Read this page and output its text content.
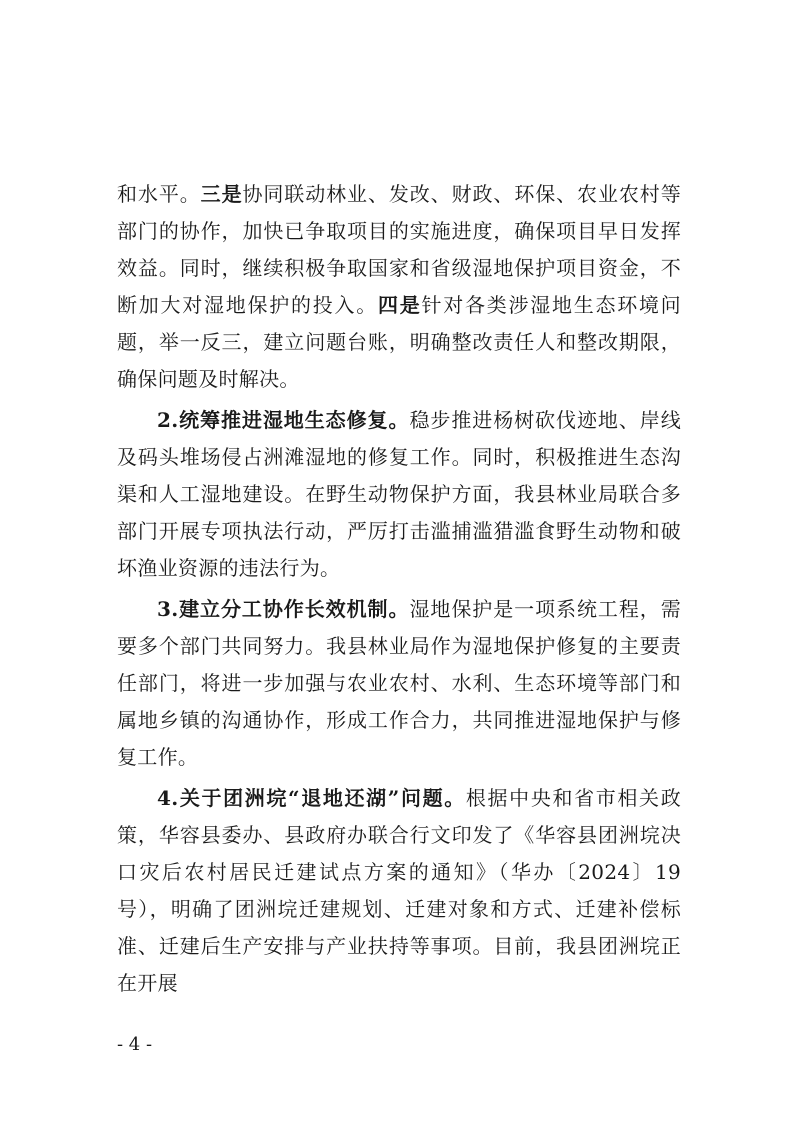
和水平。三是协同联动林业、发改、财政、环保、农业农村等部门的协作，加快已争取项目的实施进度，确保项目早日发挥效益。同时，继续积极争取国家和省级湿地保护项目资金，不断加大对湿地保护的投入。四是针对各类涉湿地生态环境问题，举一反三，建立问题台账，明确整改责任人和整改期限，确保问题及时解决。

2.统筹推进湿地生态修复。稳步推进杨树砍伐迹地、岸线及码头堆场侵占洲滩湿地的修复工作。同时，积极推进生态沟渠和人工湿地建设。在野生动物保护方面，我县林业局联合多部门开展专项执法行动，严厉打击滥捕滥猎滥食野生动物和破坏渔业资源的违法行为。

3.建立分工协作长效机制。湿地保护是一项系统工程，需要多个部门共同努力。我县林业局作为湿地保护修复的主要责任部门，将进一步加强与农业农村、水利、生态环境等部门和属地乡镇的沟通协作，形成工作合力，共同推进湿地保护与修复工作。

4.关于团洲垸“退地还湖”问题。根据中央和省市相关政策，华容县委办、县政府办联合行文印发了《华容县团洲垸决口灾后农村居民迁建试点方案的通知》（华办〔2024〕19号），明确了团洲垸迁建规划、迁建对象和方式、迁建补偿标准、迁建后生产安排与产业扶持等事项。目前，我县团洲垸正在开展

- 4 -
